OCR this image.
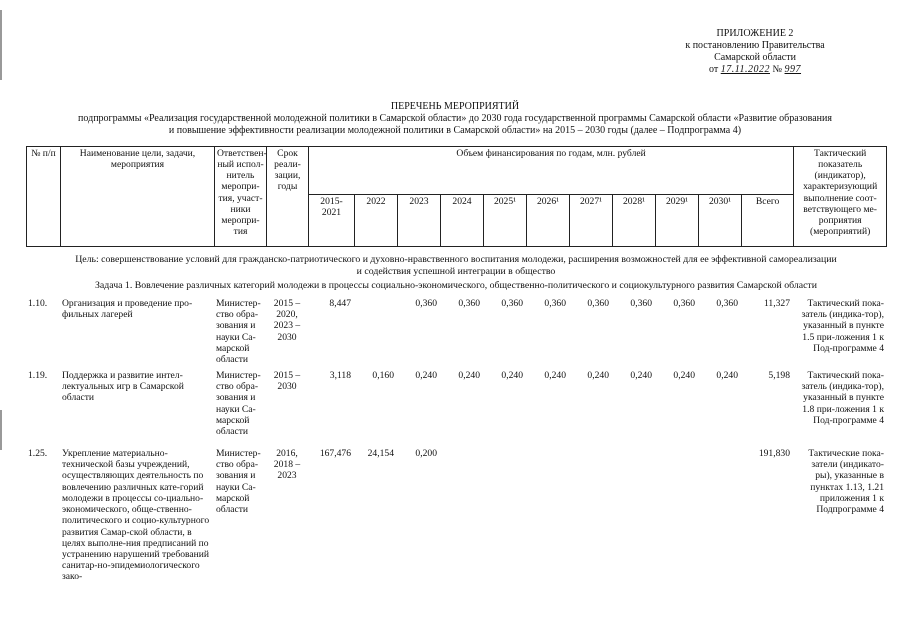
ПРИЛОЖЕНИЕ 2
к постановлению Правительства
Самарской области
от 17.11.2022 № 997
ПЕРЕЧЕНЬ МЕРОПРИЯТИЙ
подпрограммы «Реализация государственной молодежной политики в Самарской области» до 2030 года государственной программы Самарской области «Развитие образования
и повышение эффективности реализации молодежной политики в Самарской области» на 2015 – 2030 годы (далее – Подпрограмма 4)
№ п/п	Наименование цели, задачи, мероприятия	Ответствен-ный испол-нитель меропри-тия, участ-ники меропри-тия	Срок реали-зации, годы	Объем финансирования по годам, млн. рублей											Тактический показатель (индикатор), характеризующий выполнение соот-ветствующего ме-роприятия (мероприятий)
				2015-2021	2022	2023	2024	2025¹	2026¹	2027¹	2028¹	2029¹	2030¹	Всего	
Цель: совершенствование условий для гражданско-патриотического и духовно-нравственного воспитания молодежи, расширения возможностей для ее эффективной самореализации
и содействия успешной интеграции в общество
Задача 1. Вовлечение различных категорий молодежи в процессы социально-экономического, общественно-политического и социокультурного развития Самарской области
1.10.	Организация и проведение про-фильных лагерей	Министер-ство обра-зования и науки Са-марской области	2015 – 2020, 2023 – 2030	8,447		0,360	0,360	0,360	0,360	0,360	0,360	0,360	0,360	11,327	Тактический пока-затель (индика-тор), указанный в пункте 1.5 при-ложения 1 к Под-программе 4
1.19.	Поддержка и развитие интел-лектуальных игр в Самарской области	Министер-ство обра-зования и науки Са-марской области	2015 – 2030	3,118	0,160	0,240	0,240	0,240	0,240	0,240	0,240	0,240	0,240	5,198	Тактический пока-затель (индика-тор), указанный в пункте 1.8 при-ложения 1 к Под-программе 4
1.25.	Укрепление материально-технической базы учреждений, осуществляющих деятельность по вовлечению различных кате-горий молодежи в процессы со-циально-экономического, обще-ственно-политического и социо-культурного развития Самар-ской области, в целях выполне-ния предписаний по устранению нарушений требований санитар-но-эпидемиологического зако-	Министер-ство обра-зования и науки Са-марской области	2016, 2018 – 2023	167,476	24,154	0,200								191,830	Тактические пока-затели (индикато-ры), указанные в пунктах 1.13, 1.21 приложения 1 к Подпрограмме 4
